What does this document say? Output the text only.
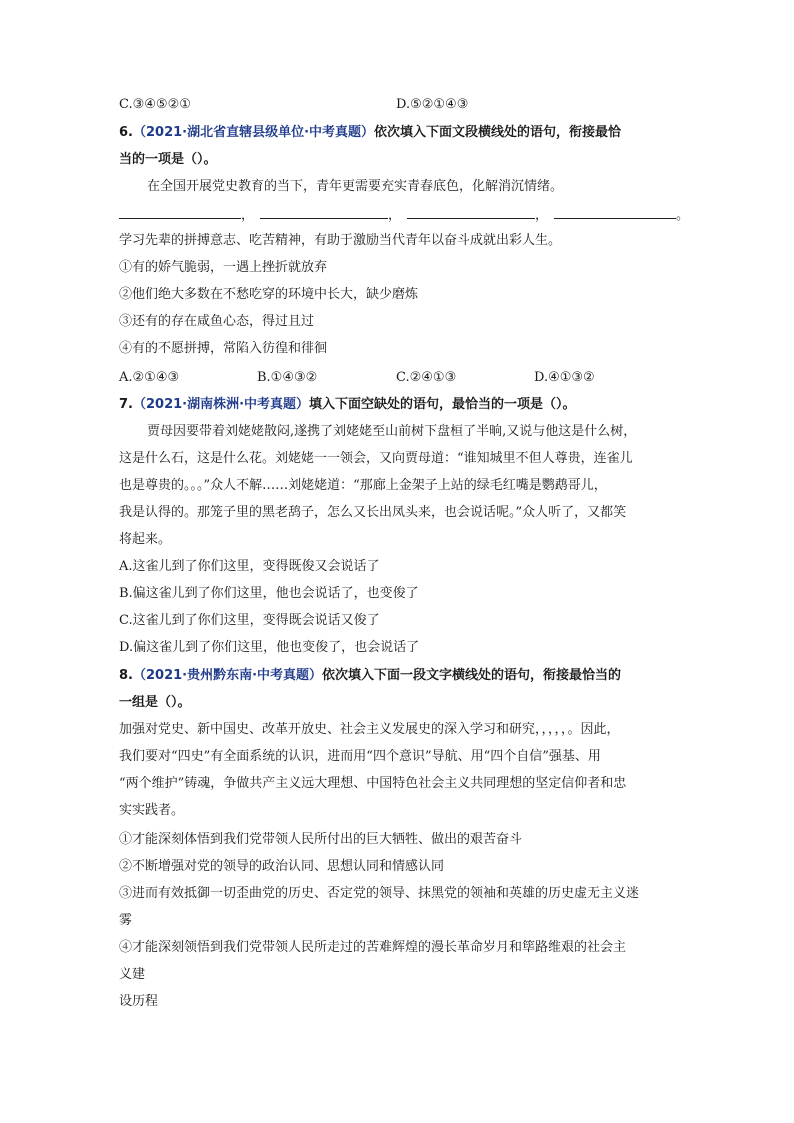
C.③④⑤②①	D.⑤②①④③
6.（2021·湖北省直辖县级单位·中考真题）依次填入下面文段横线处的语句，衔接最恰
当的一项是（）。
在全国开展党史教育的当下，青年更需要充实青春底色，化解消沉情绪。
，	，	，	。
学习先辈的拼搏意志、吃苦精神，有助于激励当代青年以奋斗成就出彩人生。
①有的娇气脆弱，一遇上挫折就放弃
②他们绝大多数在不愁吃穿的环境中长大，缺少磨炼
③还有的存在咸鱼心态，得过且过
④有的不愿拼搏，常陷入彷徨和徘徊
A.②①④③	B.①④③②	C.②④①③	D.④①③②
7.（2021·湖南株洲·中考真题）填入下面空缺处的语句，最恰当的一项是（）。
贾母因要带着刘姥姥散闷,遂携了刘姥姥至山前树下盘桓了半晌,又说与他这是什么树，
这是什么石，这是什么花。刘姥姥一一领会，又向贾母道：“谁知城里不但人尊贵，连雀儿
也是尊贵的。。。”众人不解……刘姥姥道：“那廊上金架子上站的绿毛红嘴是鹦鹉哥儿，
我是认得的。那笼子里的黑老鸹子，怎么又长出凤头来，也会说话呢。”众人听了，又都笑
将起来。
A.这雀儿到了你们这里，变得既俊又会说话了
B.偏这雀儿到了你们这里，他也会说话了，也变俊了
C.这雀儿到了你们这里，变得既会说话又俊了
D.偏这雀儿到了你们这里，他也变俊了，也会说话了
8.（2021·贵州黔东南·中考真题）依次填入下面一段文字横线处的语句，衔接最恰当的
一组是（）。
加强对党史、新中国史、改革开放史、社会主义发展史的深入学习和研究，，，，，。因此，
我们要对“四史”有全面系统的认识，进而用“四个意识”导航、用“四个自信”强基、用
“两个维护”铸魂，争做共产主义远大理想、中国特色社会主义共同理想的坚定信仰者和忠
实实践者。
①才能深刻体悟到我们党带领人民所付出的巨大牺牲、做出的艰苦奋斗
②不断增强对党的领导的政治认同、思想认同和情感认同
③进而有效抵御一切歪曲党的历史、否定党的领导、抹黑党的领袖和英雄的历史虚无主义迷
雾
④才能深刻领悟到我们党带领人民所走过的苦难辉煌的漫长革命岁月和筚路维艰的社会主
义建
设历程
